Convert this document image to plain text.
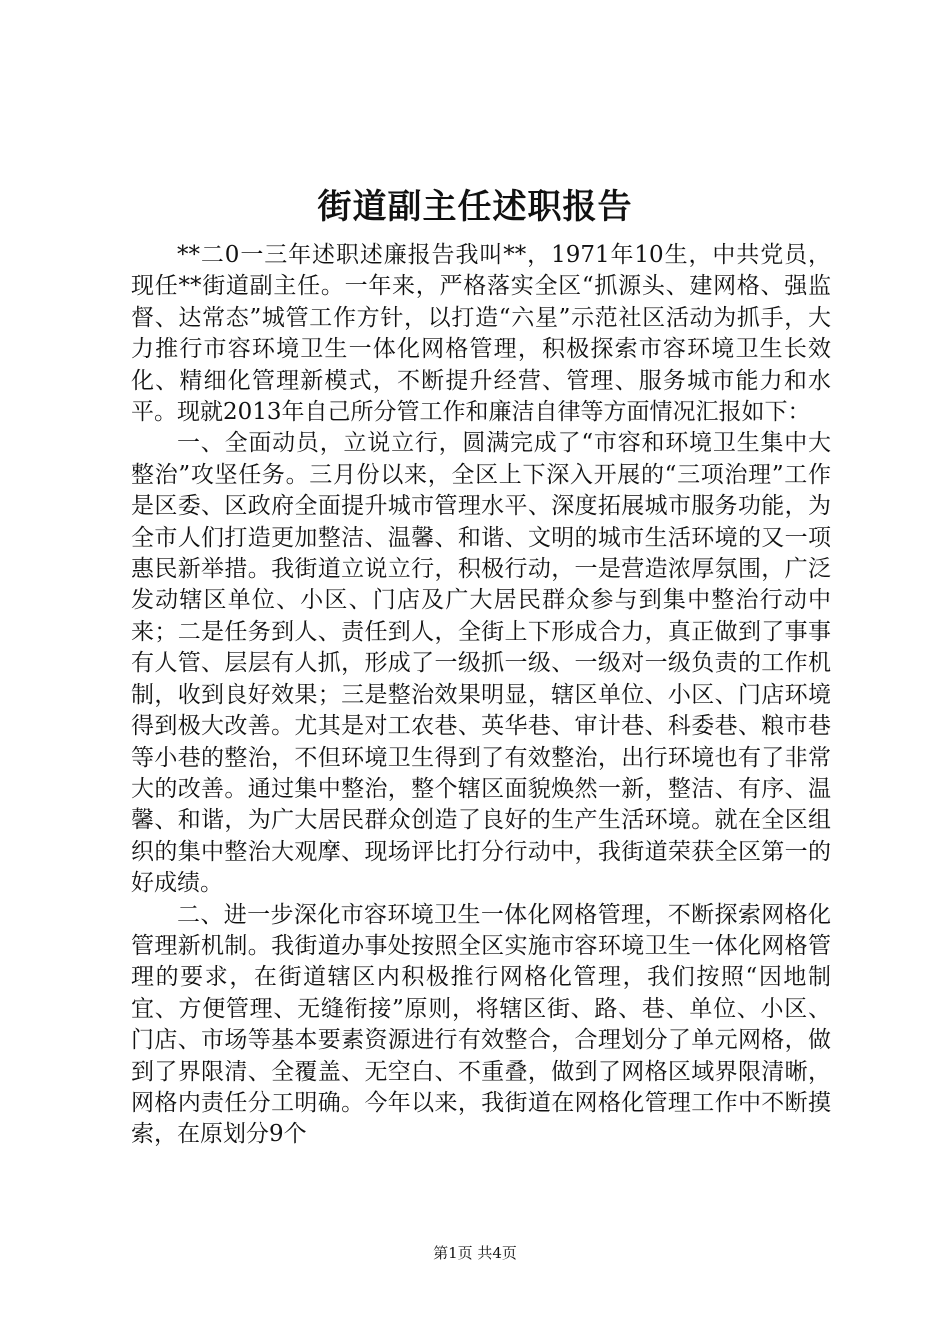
街道副主任述职报告

**二0一三年述职述廉报告我叫**，1971年10生，中共党员，现任**街道副主任。一年来，严格落实全区“抓源头、建网格、强监督、达常态”城管工作方针，以打造“六星”示范社区活动为抓手，大力推行市容环境卫生一体化网格管理，积极探索市容环境卫生长效化、精细化管理新模式，不断提升经营、管理、服务城市能力和水平。现就2013年自己所分管工作和廉洁自律等方面情况汇报如下：

一、全面动员，立说立行，圆满完成了“市容和环境卫生集中大整治”攻坚任务。三月份以来，全区上下深入开展的“三项治理”工作是区委、区政府全面提升城市管理水平、深度拓展城市服务功能，为全市人们打造更加整洁、温馨、和谐、文明的城市生活环境的又一项惠民新举措。我街道立说立行，积极行动，一是营造浓厚氛围，广泛发动辖区单位、小区、门店及广大居民群众参与到集中整治行动中来；二是任务到人、责任到人，全街上下形成合力，真正做到了事事有人管、层层有人抓，形成了一级抓一级、一级对一级负责的工作机制，收到良好效果；三是整治效果明显，辖区单位、小区、门店环境得到极大改善。尤其是对工农巷、英华巷、审计巷、科委巷、粮市巷等小巷的整治，不但环境卫生得到了有效整治，出行环境也有了非常大的改善。通过集中整治，整个辖区面貌焕然一新，整洁、有序、温馨、和谐，为广大居民群众创造了良好的生产生活环境。就在全区组织的集中整治大观摩、现场评比打分行动中，我街道荣获全区第一的好成绩。

二、进一步深化市容环境卫生一体化网格管理，不断探索网格化管理新机制。我街道办事处按照全区实施市容环境卫生一体化网格管理的要求，在街道辖区内积极推行网格化管理，我们按照“因地制宜、方便管理、无缝衔接”原则，将辖区街、路、巷、单位、小区、门店、市场等基本要素资源进行有效整合，合理划分了单元网格，做到了界限清、全覆盖、无空白、不重叠，做到了网格区域界限清晰，网格内责任分工明确。今年以来，我街道在网格化管理工作中不断摸索，在原划分9个

第1页 共4页
